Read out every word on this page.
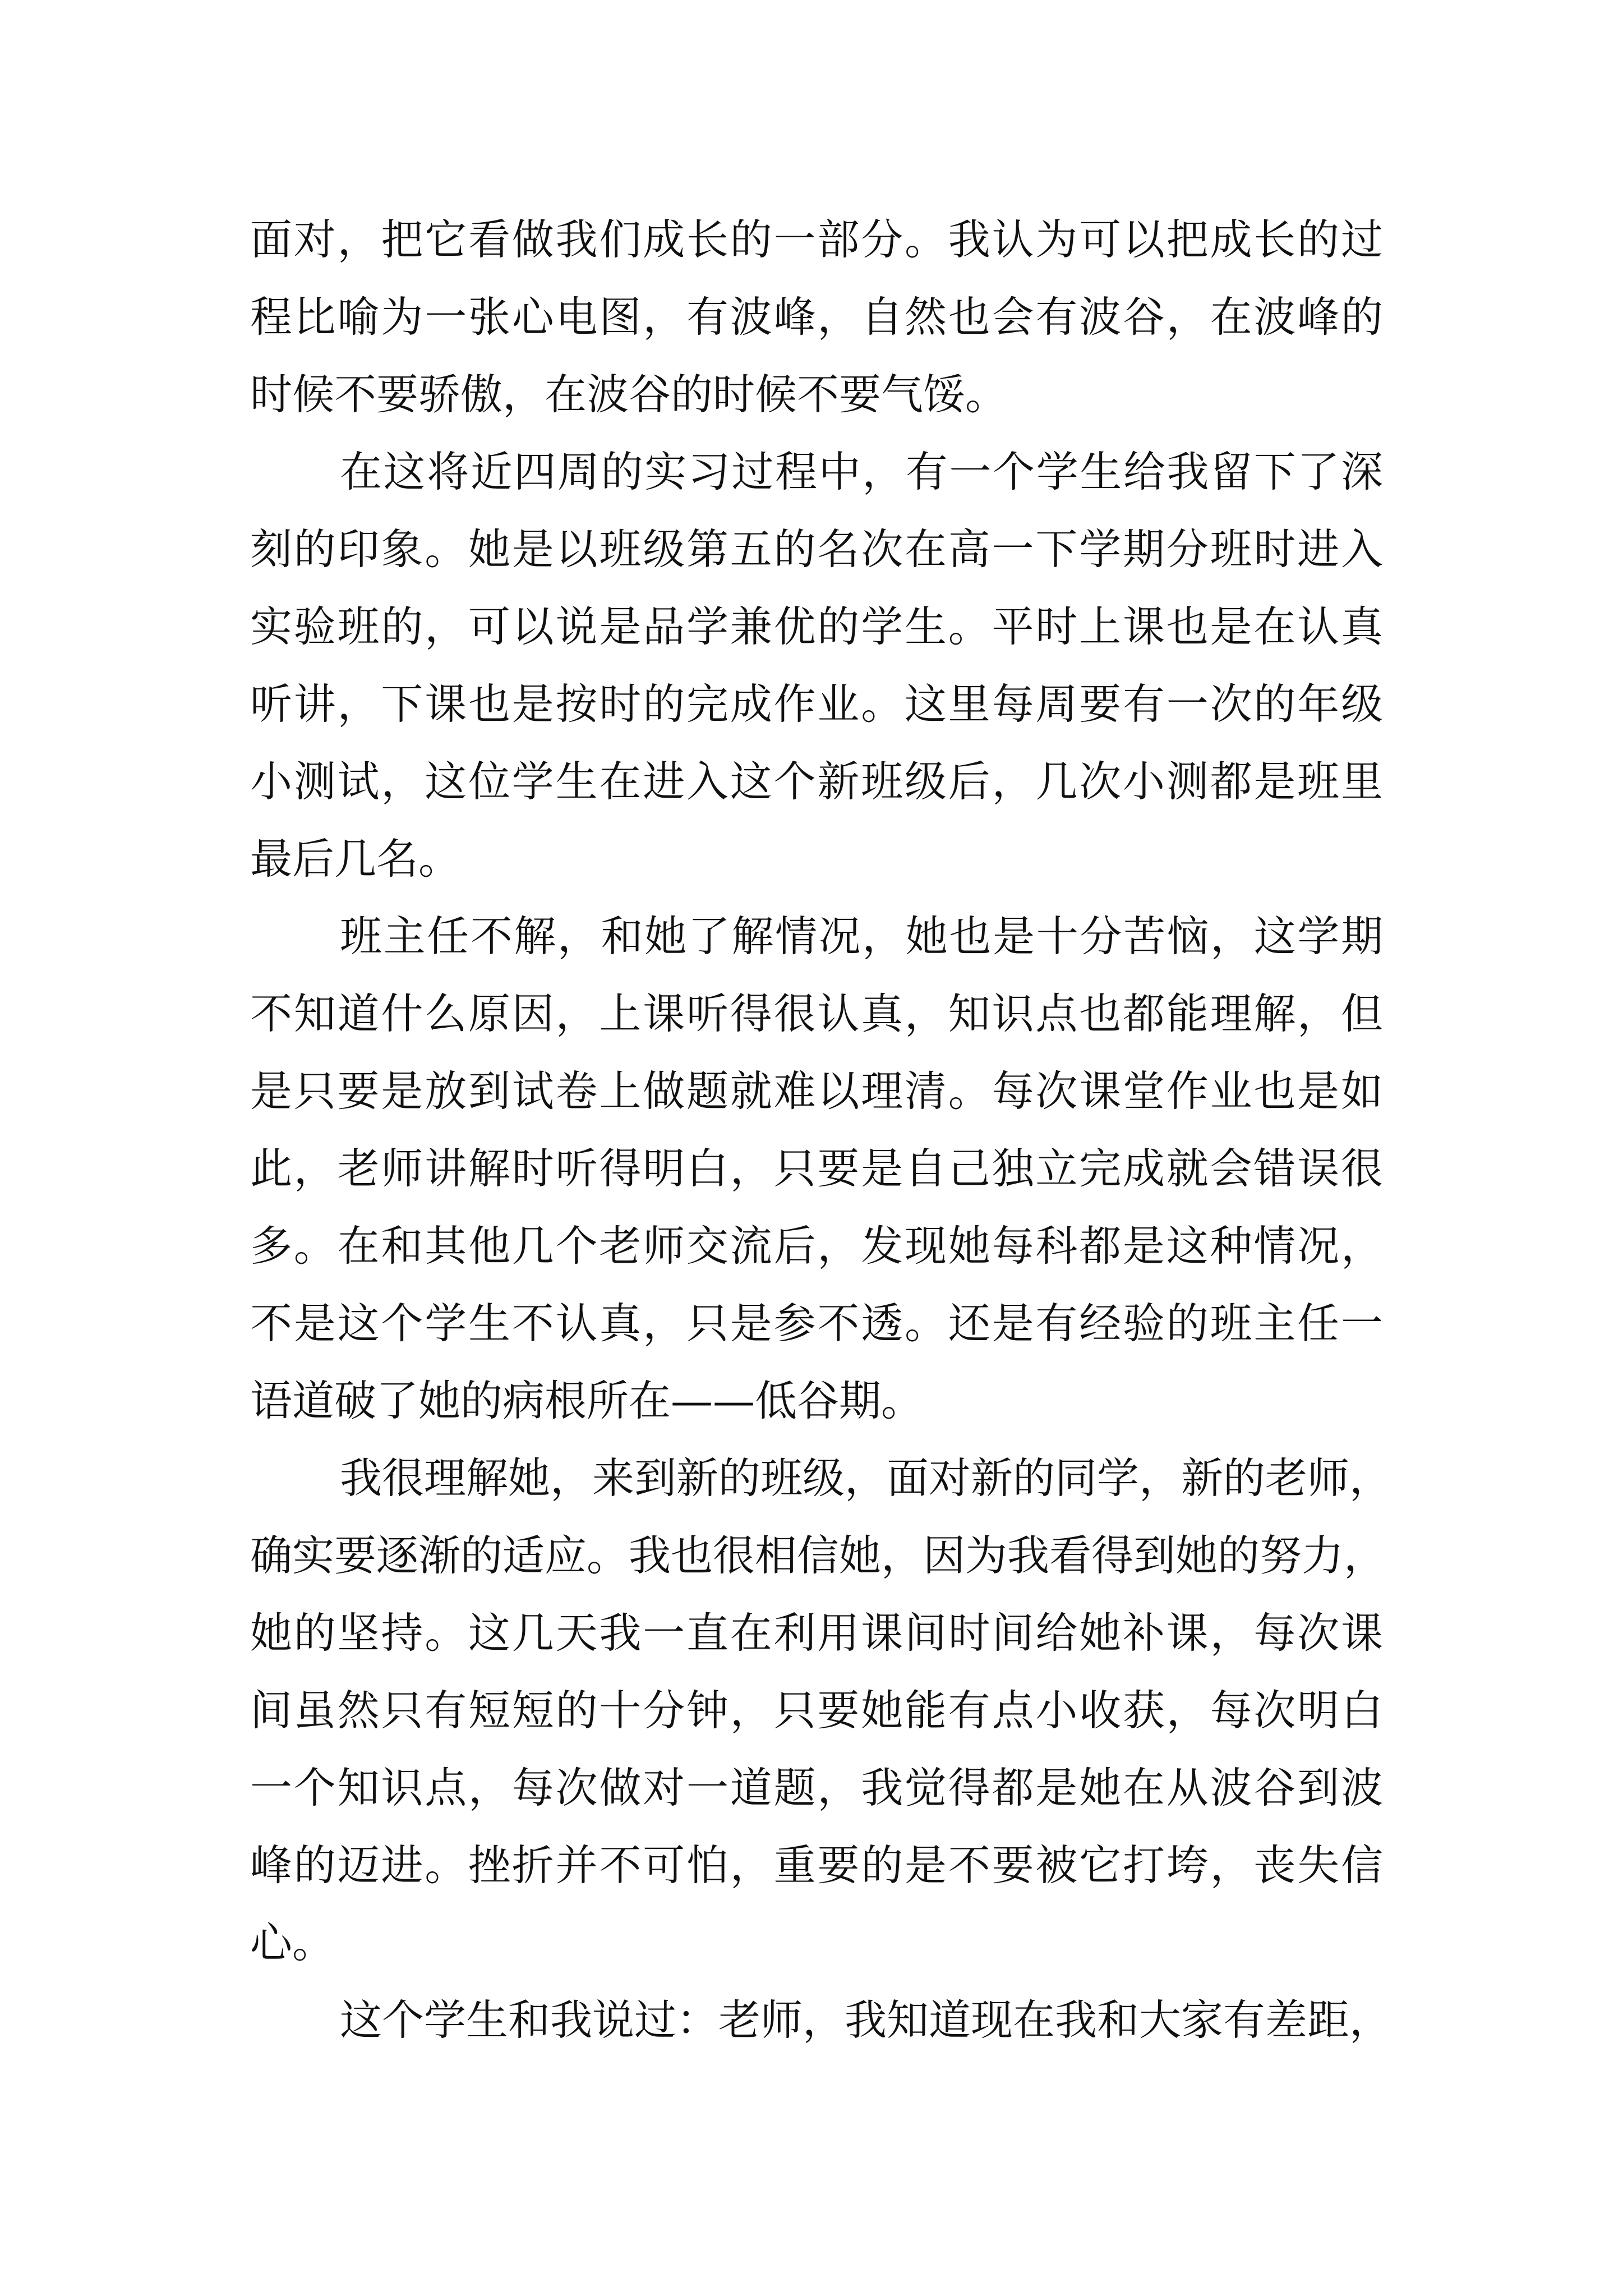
面对，把它看做我们成长的一部分。我认为可以把成长的过
程比喻为一张心电图，有波峰，自然也会有波谷，在波峰的
时候不要骄傲，在波谷的时候不要气馁。
在这将近四周的实习过程中，有一个学生给我留下了深
刻的印象。她是以班级第五的名次在高一下学期分班时进入
实验班的，可以说是品学兼优的学生。平时上课也是在认真
听讲，下课也是按时的完成作业。这里每周要有一次的年级
小测试，这位学生在进入这个新班级后，几次小测都是班里
最后几名。
班主任不解，和她了解情况，她也是十分苦恼，这学期
不知道什么原因，上课听得很认真，知识点也都能理解，但
是只要是放到试卷上做题就难以理清。每次课堂作业也是如
此，老师讲解时听得明白，只要是自己独立完成就会错误很
多。在和其他几个老师交流后，发现她每科都是这种情况，
不是这个学生不认真，只是参不透。还是有经验的班主任一
语道破了她的病根所在——低谷期。
我很理解她，来到新的班级，面对新的同学，新的老师，
确实要逐渐的适应。我也很相信她，因为我看得到她的努力，
她的坚持。这几天我一直在利用课间时间给她补课，每次课
间虽然只有短短的十分钟，只要她能有点小收获，每次明白
一个知识点，每次做对一道题，我觉得都是她在从波谷到波
峰的迈进。挫折并不可怕，重要的是不要被它打垮，丧失信
心。
这个学生和我说过：老师，我知道现在我和大家有差距，
